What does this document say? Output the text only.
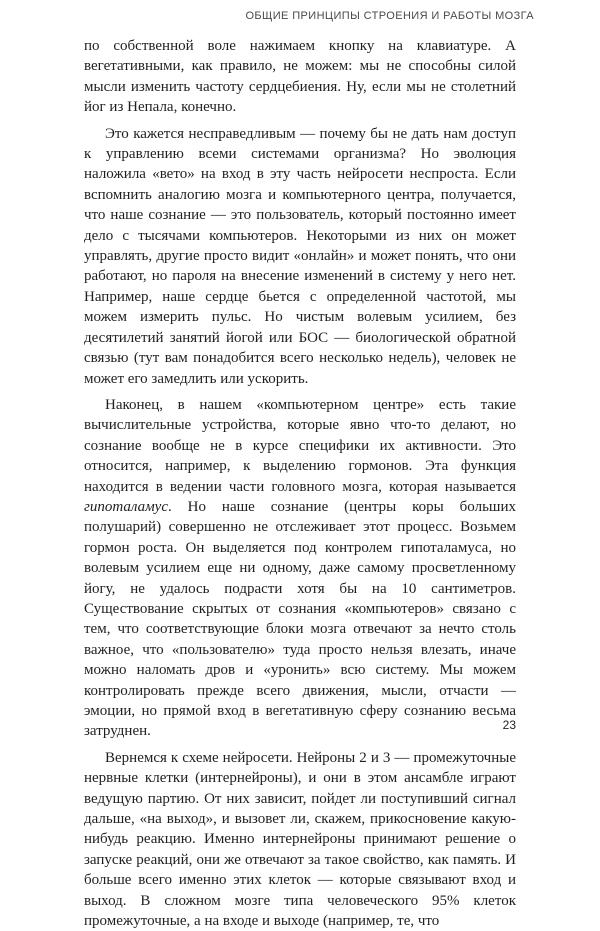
ОБЩИЕ ПРИНЦИПЫ СТРОЕНИЯ И РАБОТЫ МОЗГА

по собственной воле нажимаем кнопку на клавиатуре. А вегетативными, как правило, не можем: мы не способны силой мысли изменить частоту сердцебиения. Ну, если мы не столетний йог из Непала, конечно.

Это кажется несправедливым — почему бы не дать нам доступ к управлению всеми системами организма? Но эволюция наложила «вето» на вход в эту часть нейросети неспроста. Если вспомнить аналогию мозга и компьютерного центра, получается, что наше сознание — это пользователь, который постоянно имеет дело с тысячами компьютеров. Некоторыми из них он может управлять, другие просто видит «онлайн» и может понять, что они работают, но пароля на внесение изменений в систему у него нет. Например, наше сердце бьется с определенной частотой, мы можем измерить пульс. Но чистым волевым усилием, без десятилетий занятий йогой или БОС — биологической обратной связью (тут вам понадобится всего несколько недель), человек не может его замедлить или ускорить.

Наконец, в нашем «компьютерном центре» есть такие вычислительные устройства, которые явно что-то делают, но сознание вообще не в курсе специфики их активности. Это относится, например, к выделению гормонов. Эта функция находится в ведении части головного мозга, которая называется гипоталамус. Но наше сознание (центры коры больших полушарий) совершенно не отслеживает этот процесс. Возьмем гормон роста. Он выделяется под контролем гипоталамуса, но волевым усилием еще ни одному, даже самому просветленному йогу, не удалось подрасти хотя бы на 10 сантиметров. Существование скрытых от сознания «компьютеров» связано с тем, что соответствующие блоки мозга отвечают за нечто столь важное, что «пользователю» туда просто нельзя влезать, иначе можно наломать дров и «уронить» всю систему. Мы можем контролировать прежде всего движения, мысли, отчасти — эмоции, но прямой вход в вегетативную сферу сознанию весьма затруднен.

Вернемся к схеме нейросети. Нейроны 2 и 3 — промежуточные нервные клетки (интернейроны), и они в этом ансамбле играют ведущую партию. От них зависит, пойдет ли поступивший сигнал дальше, «на выход», и вызовет ли, скажем, прикосновение какую-нибудь реакцию. Именно интернейроны принимают решение о запуске реакций, они же отвечают за такое свойство, как память. И больше всего именно этих клеток — которые связывают вход и выход. В сложном мозге типа человеческого 95% клеток промежуточные, а на входе и выходе (например, те, что

23
